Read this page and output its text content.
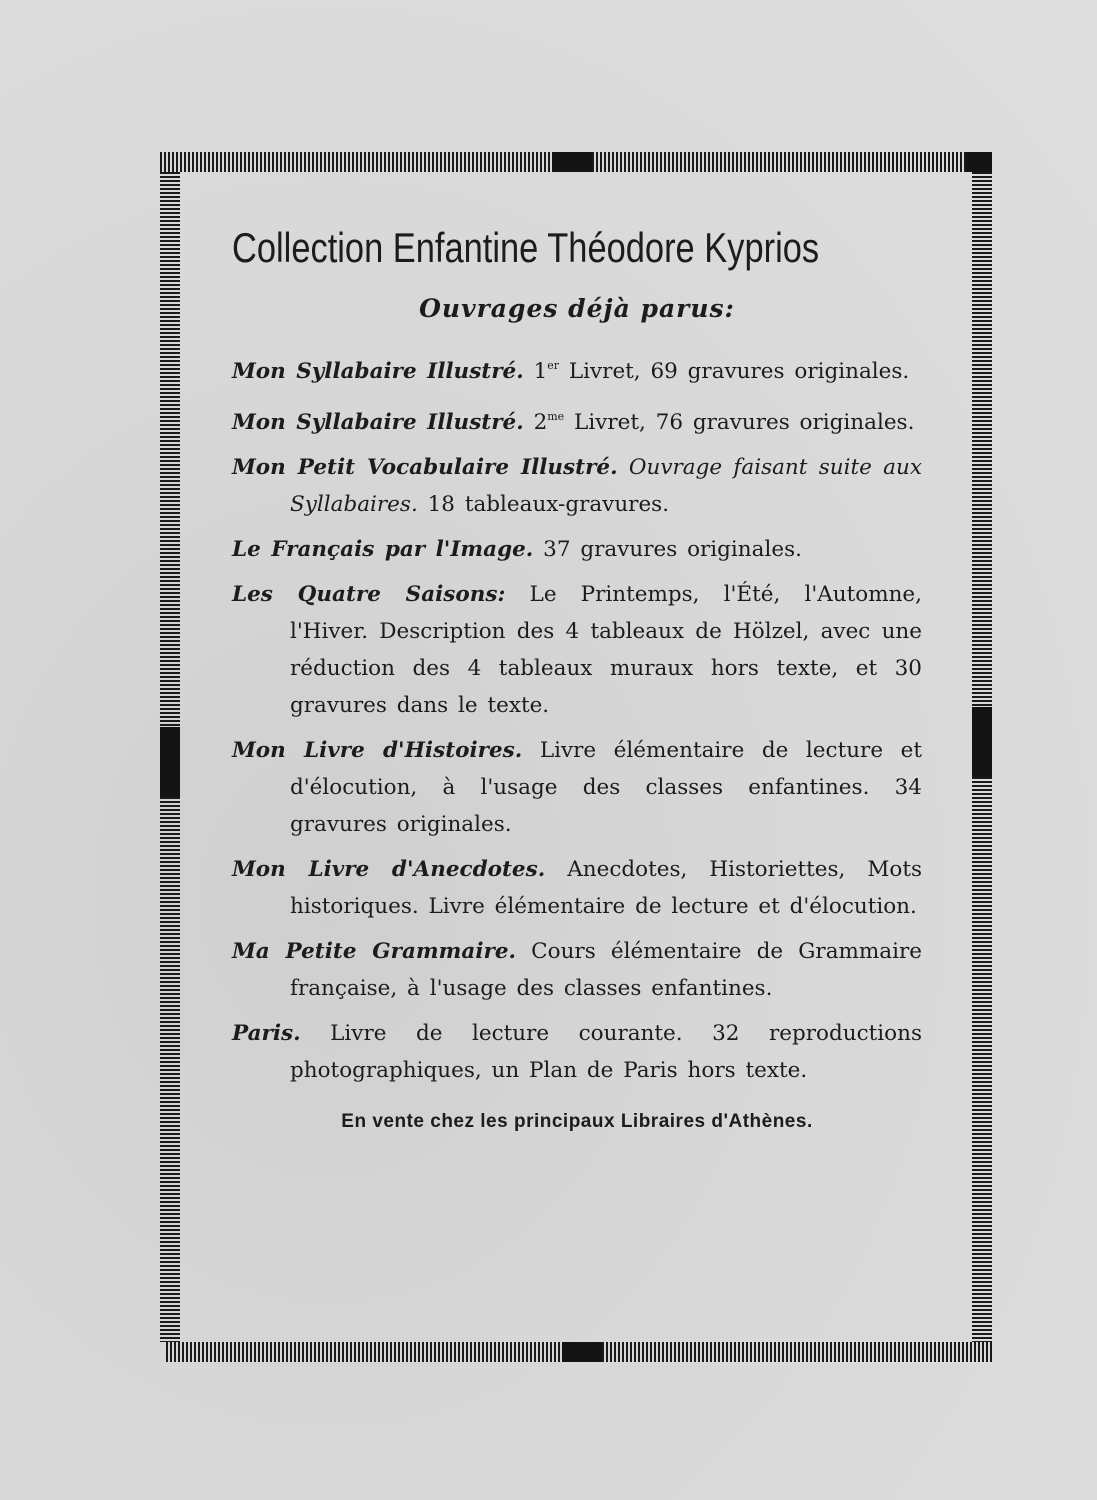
Collection Enfantine Théodore Kyprios
Ouvrages déjà parus:
Mon Syllabaire Illustré. 1er Livret, 69 gravures originales.
Mon Syllabaire Illustré. $2^{me}$ Livret, 76 gravures originales.
Mon Petit Vocabulaire Illustré. Ouvrage faisant suite aux Syllabaires. 18 tableaux-gravures.
Le Français par l'Image. 37 gravures originales.
Les Quatre Saisons: Le Printemps, l'Été, l'Automne, l'Hiver. Description des 4 tableaux de Hölzel, avec une réduction des 4 tableaux muraux hors texte, et 30 gravures dans le texte.
Mon Livre d'Histoires. Livre élémentaire de lecture et d'élocution, à l'usage des classes enfantines. 34 gravures originales.
Mon Livre d'Anecdotes. Anecdotes, Historiettes, Mots historiques. Livre élémentaire de lecture et d'élocution.
Ma Petite Grammaire. Cours élémentaire de Grammaire française, à l'usage des classes enfantines.
Paris. Livre de lecture courante. 32 reproductions photographiques, un Plan de Paris hors texte.
En vente chez les principaux Libraires d'Athènes.
